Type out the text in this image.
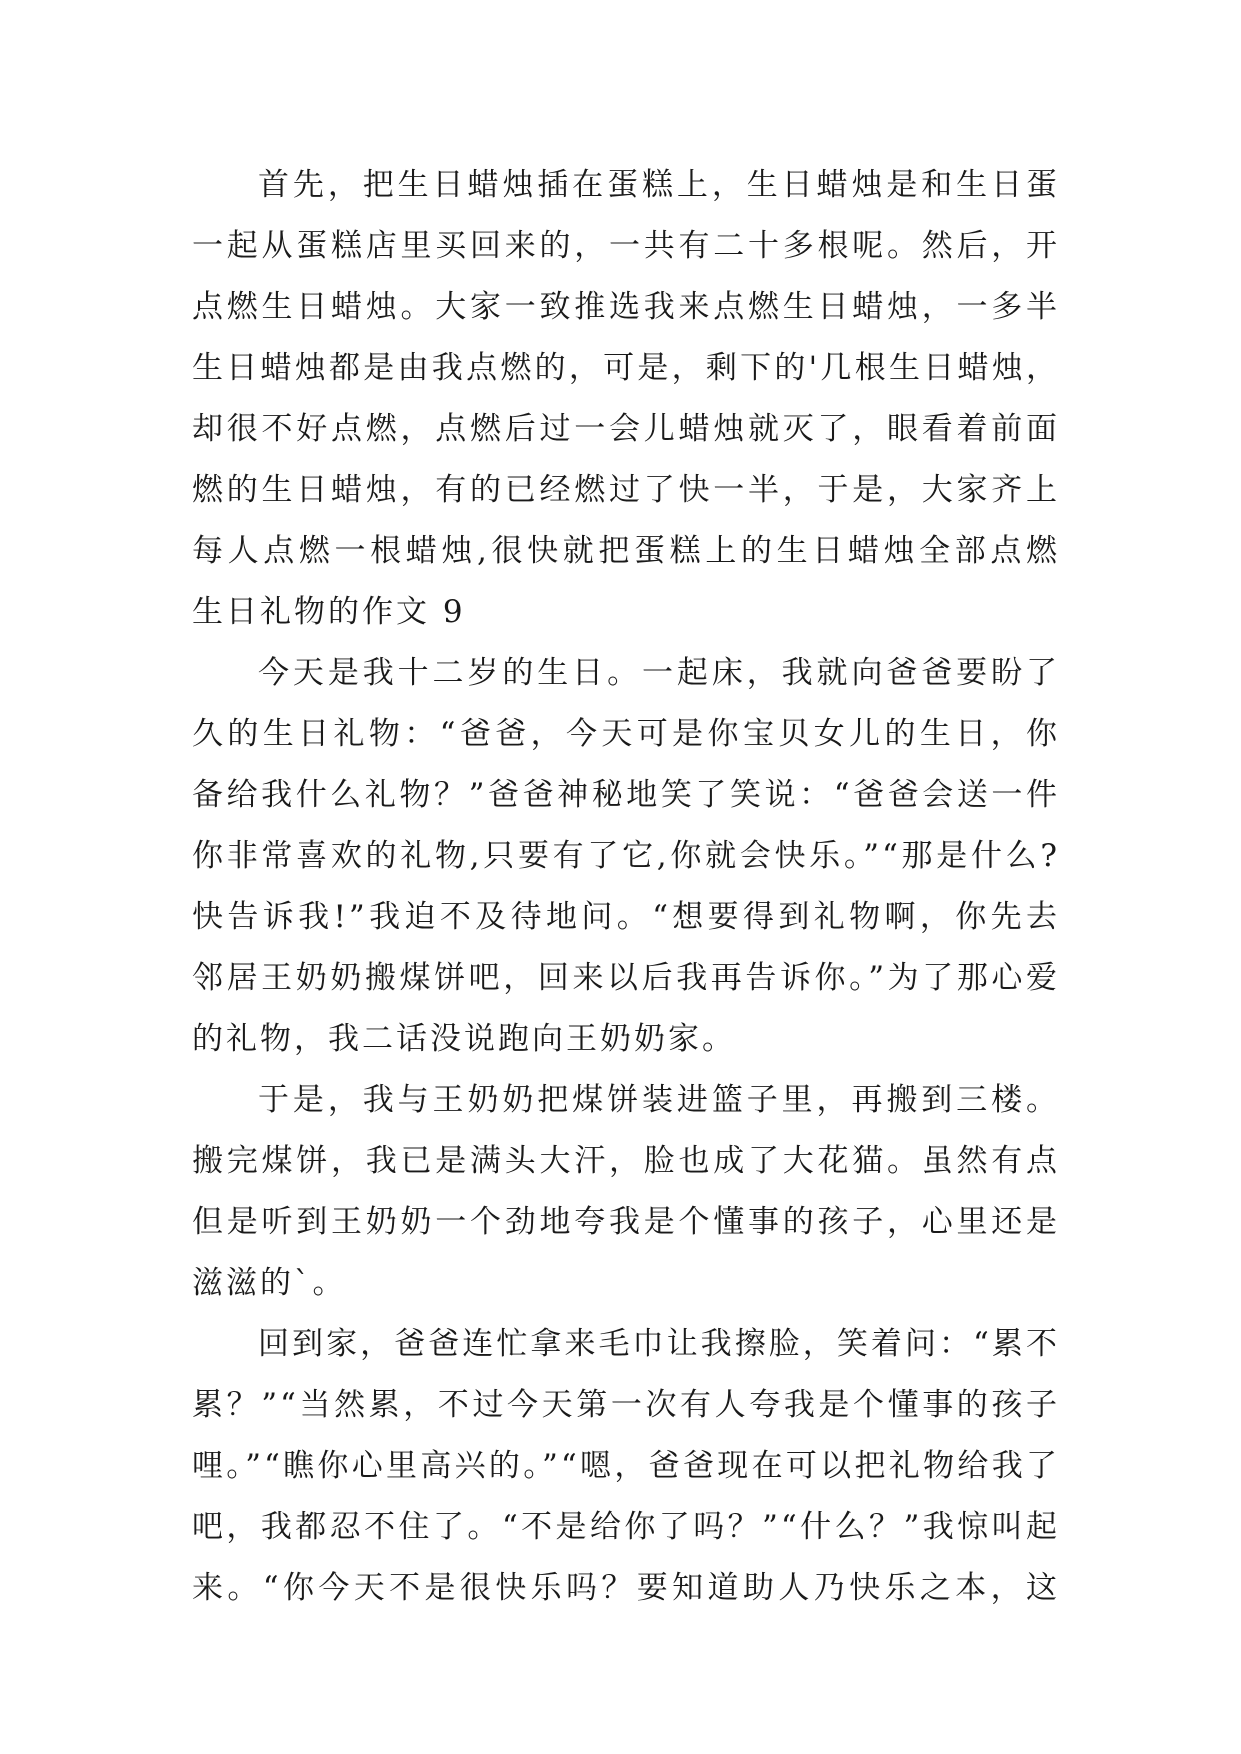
首先，把生日蜡烛插在蛋糕上，生日蜡烛是和生日蛋
一起从蛋糕店里买回来的，一共有二十多根呢。然后，开
点燃生日蜡烛。大家一致推选我来点燃生日蜡烛，一多半
生日蜡烛都是由我点燃的，可是，剩下的'几根生日蜡烛，
却很不好点燃，点燃后过一会儿蜡烛就灭了，眼看着前面
燃的生日蜡烛，有的已经燃过了快一半，于是，大家齐上
每人点燃一根蜡烛,很快就把蛋糕上的生日蜡烛全部点燃
生日礼物的作文 9
今天是我十二岁的生日。一起床，我就向爸爸要盼了
久的生日礼物：“爸爸，今天可是你宝贝女儿的生日，你
备给我什么礼物？”爸爸神秘地笑了笑说：“爸爸会送一件
你非常喜欢的礼物,只要有了它,你就会快乐。”“那是什么?
快告诉我!”我迫不及待地问。“想要得到礼物啊，你先去
邻居王奶奶搬煤饼吧，回来以后我再告诉你。”为了那心爱
的礼物，我二话没说跑向王奶奶家。
于是，我与王奶奶把煤饼装进篮子里，再搬到三楼。
搬完煤饼，我已是满头大汗，脸也成了大花猫。虽然有点
但是听到王奶奶一个劲地夸我是个懂事的孩子，心里还是
滋滋的`。
回到家，爸爸连忙拿来毛巾让我擦脸，笑着问：“累不
累？”“当然累，不过今天第一次有人夸我是个懂事的孩子
哩。”“瞧你心里高兴的。”“嗯，爸爸现在可以把礼物给我了
吧，我都忍不住了。“不是给你了吗？”“什么？”我惊叫起
来。“你今天不是很快乐吗？要知道助人乃快乐之本，这
